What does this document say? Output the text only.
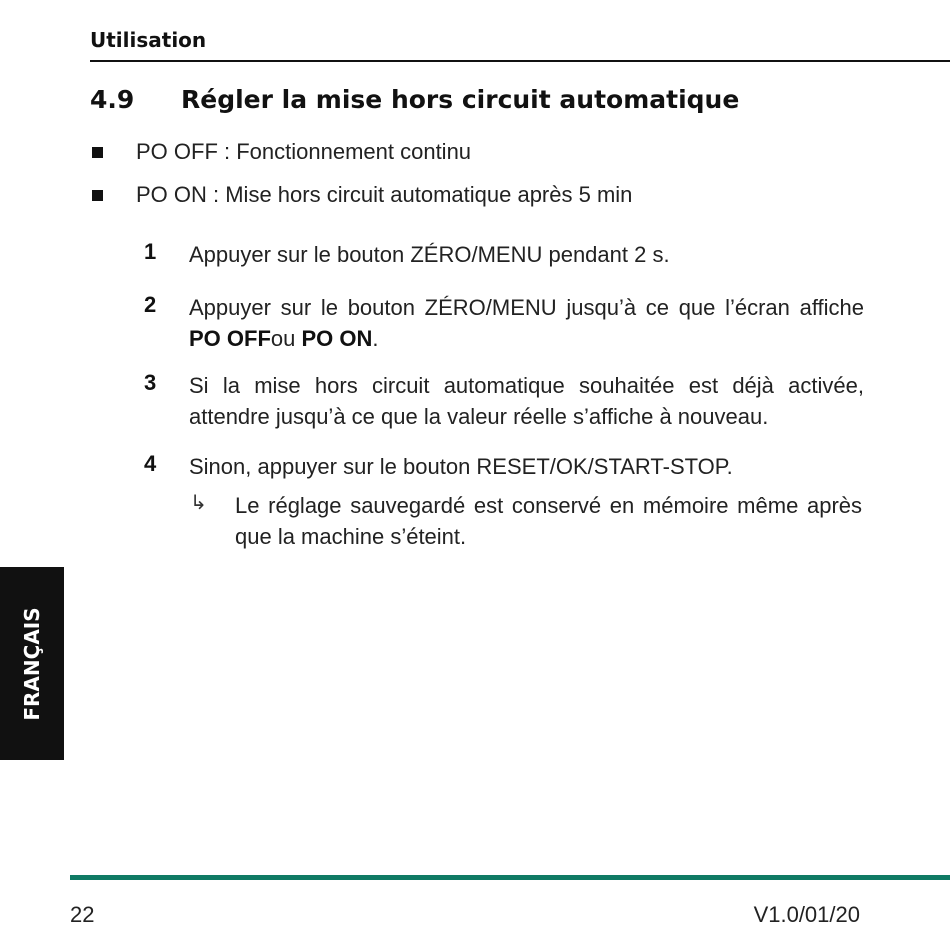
Utilisation
4.9 Régler la mise hors circuit automatique
PO OFF : Fonctionnement continu
PO ON : Mise hors circuit automatique après 5 min
1 Appuyer sur le bouton ZÉRO/MENU pendant 2 s.
2 Appuyer sur le bouton ZÉRO/MENU jusqu’à ce que l’écran affiche PO OFFou PO ON.
3 Si la mise hors circuit automatique souhaitée est déjà activée, attendre jusqu’à ce que la valeur réelle s’affiche à nouveau.
4 Sinon, appuyer sur le bouton RESET/OK/START-STOP.
↳ Le réglage sauvegardé est conservé en mémoire même après que la machine s’éteint.
FRANÇAIS
22	V1.0/01/20
